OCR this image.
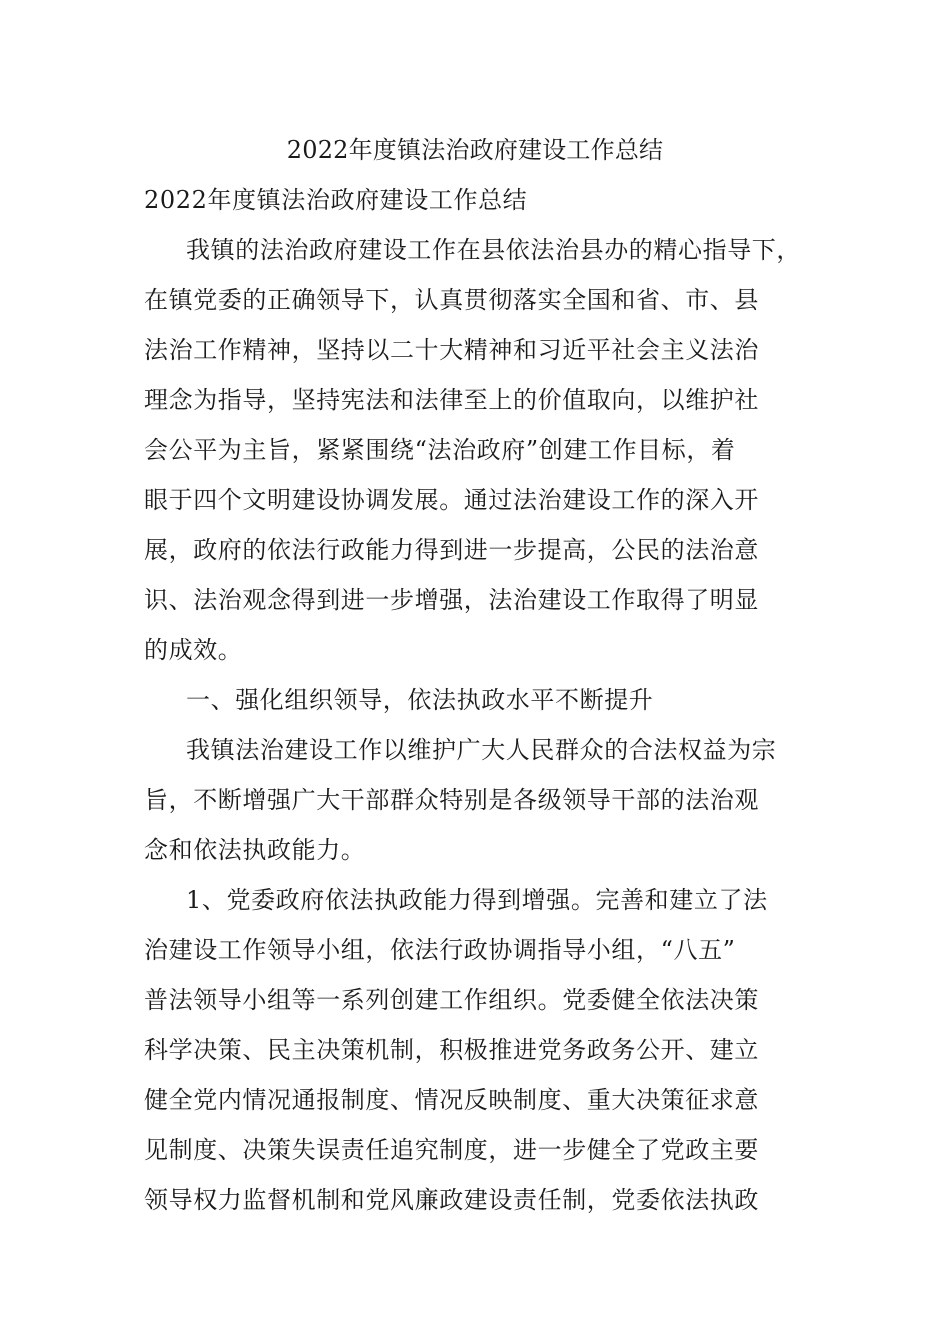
2022年度镇法治政府建设工作总结
2022年度镇法治政府建设工作总结
我镇的法治政府建设工作在县依法治县办的精心指导下，
在镇党委的正确领导下，认真贯彻落实全国和省、市、县
法治工作精神，坚持以二十大精神和习近平社会主义法治
理念为指导，坚持宪法和法律至上的价值取向，以维护社
会公平为主旨，紧紧围绕“法治政府”创建工作目标，着
眼于四个文明建设协调发展。通过法治建设工作的深入开
展，政府的依法行政能力得到进一步提高，公民的法治意
识、法治观念得到进一步增强，法治建设工作取得了明显
的成效。
一、强化组织领导，依法执政水平不断提升
我镇法治建设工作以维护广大人民群众的合法权益为宗
旨，不断增强广大干部群众特别是各级领导干部的法治观
念和依法执政能力。
1、党委政府依法执政能力得到增强。完善和建立了法
治建设工作领导小组，依法行政协调指导小组，“八五”
普法领导小组等一系列创建工作组织。党委健全依法决策
科学决策、民主决策机制，积极推进党务政务公开、建立
健全党内情况通报制度、情况反映制度、重大决策征求意
见制度、决策失误责任追究制度，进一步健全了党政主要
领导权力监督机制和党风廉政建设责任制，党委依法执政
